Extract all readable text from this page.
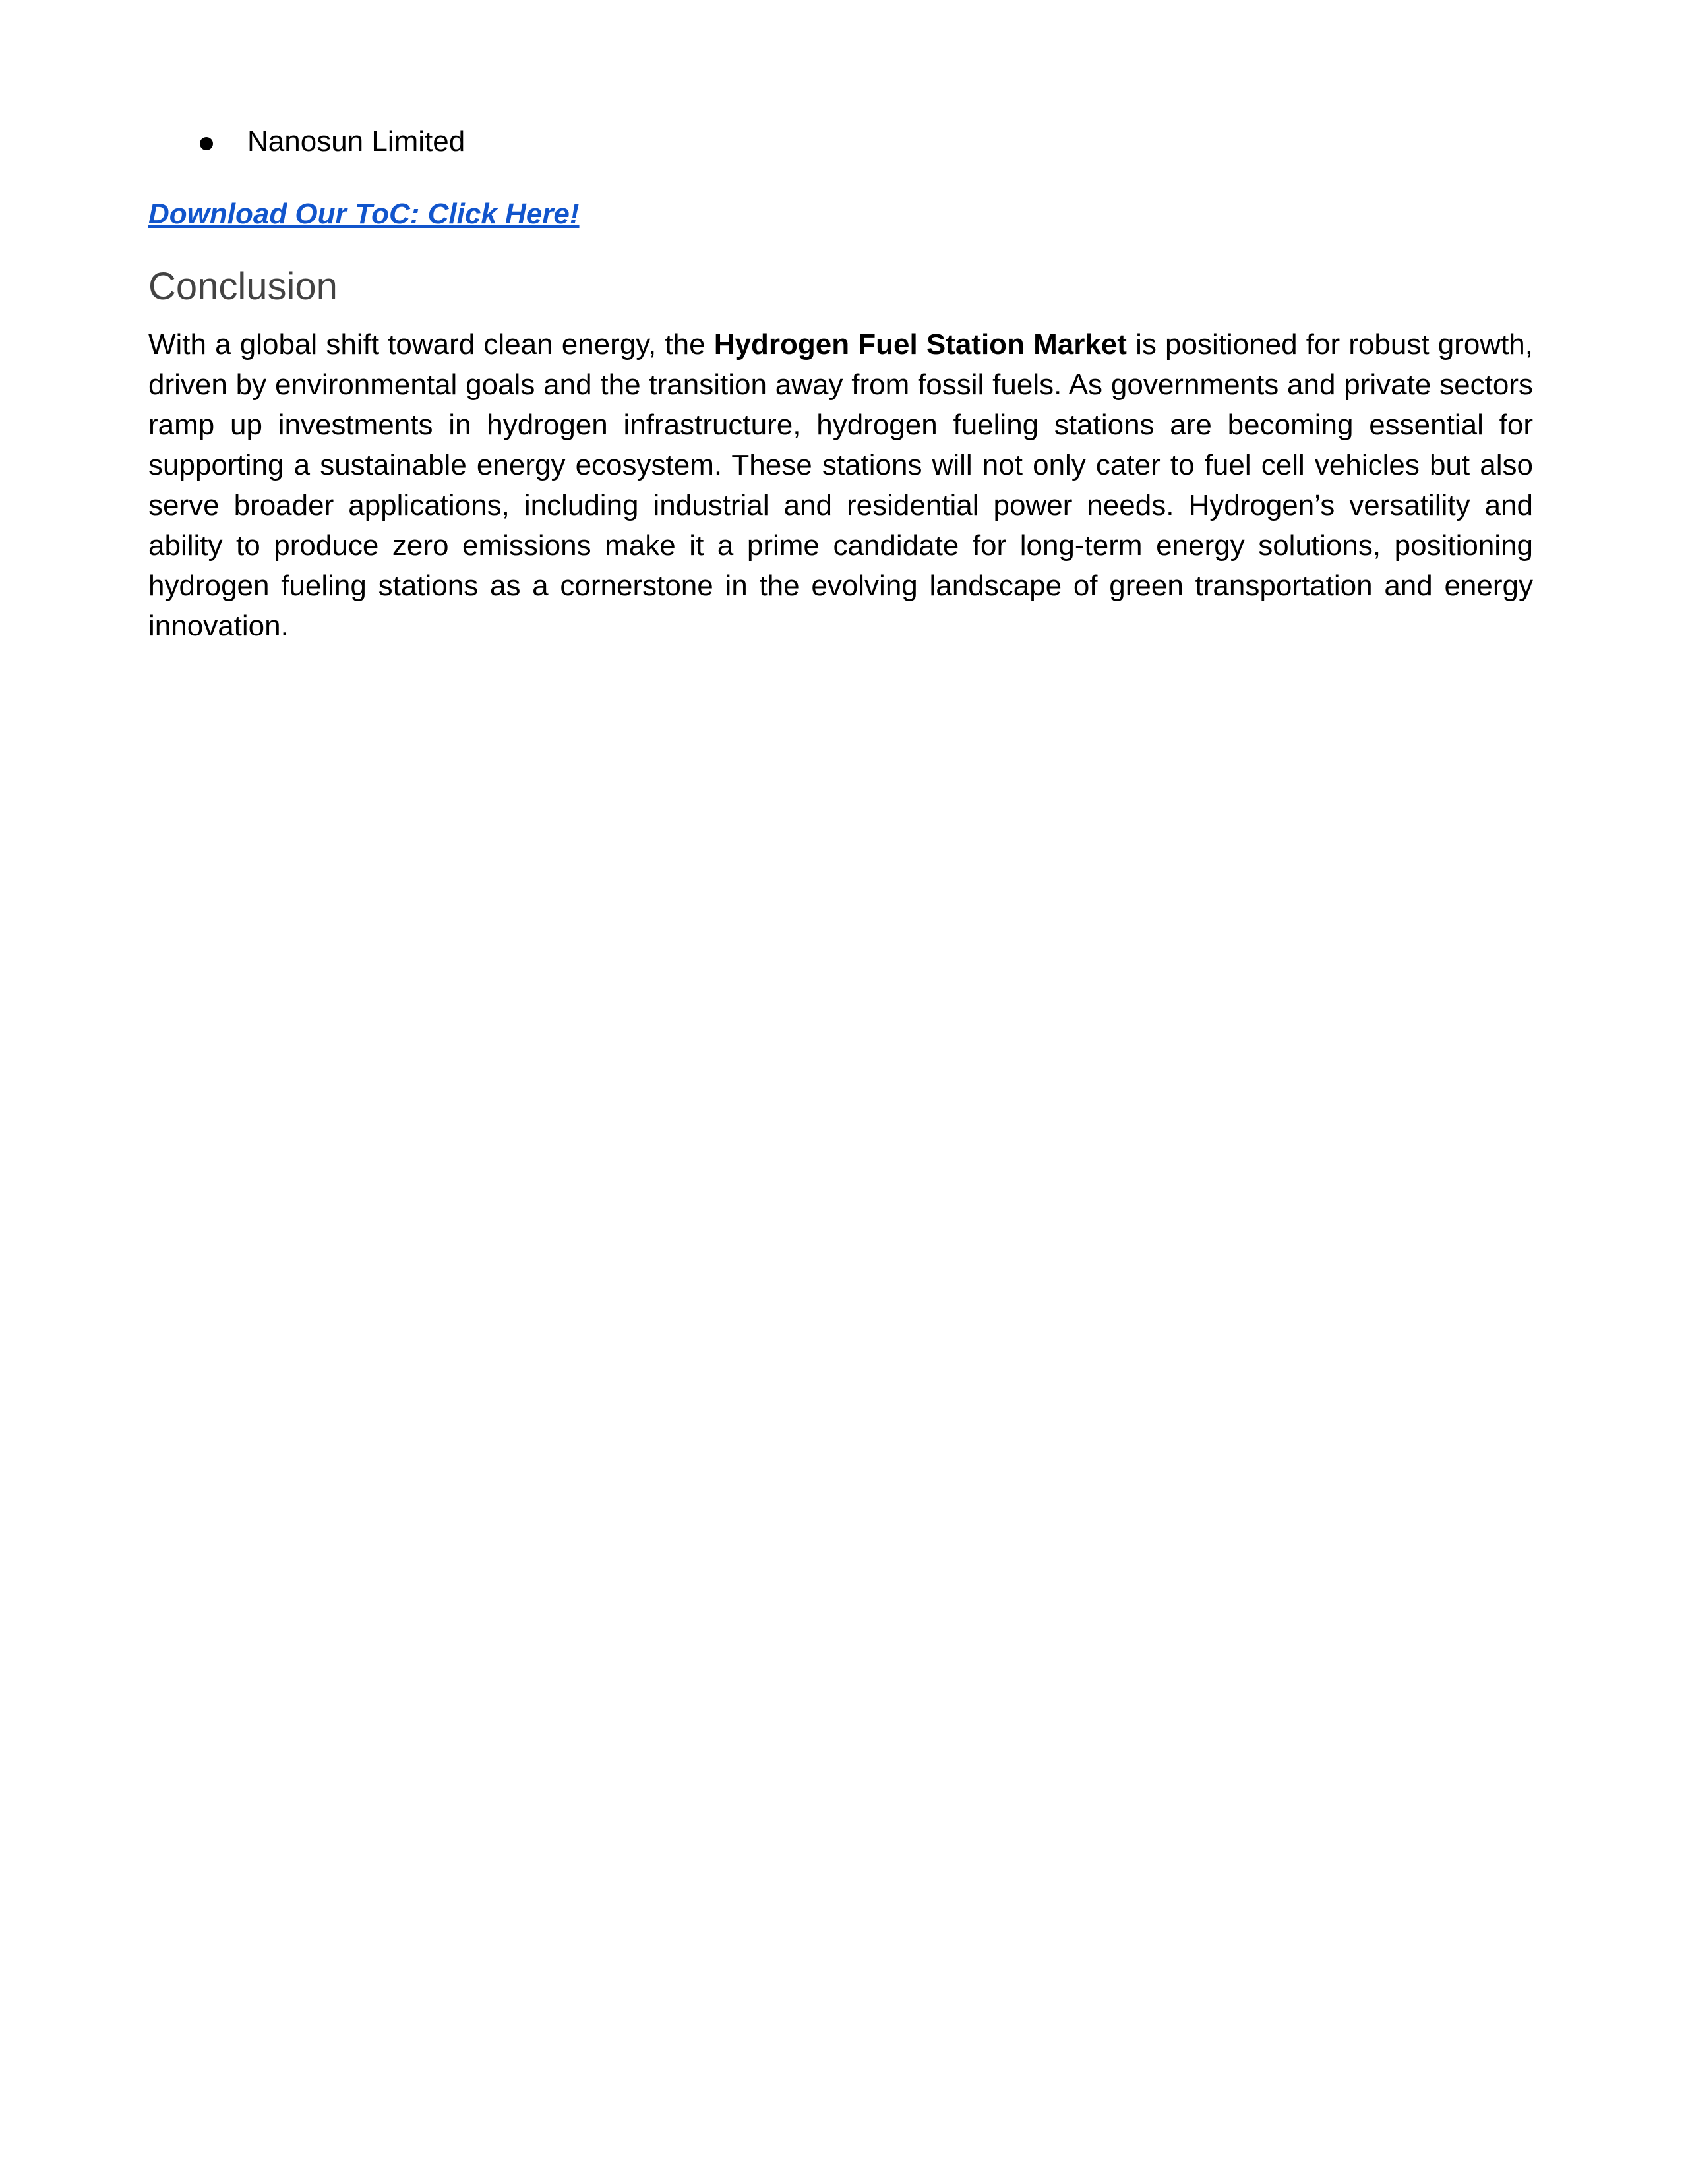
Nanosun Limited
Download Our ToC: Click Here!
Conclusion

With a global shift toward clean energy, the Hydrogen Fuel Station Market is positioned for robust growth, driven by environmental goals and the transition away from fossil fuels. As governments and private sectors ramp up investments in hydrogen infrastructure, hydrogen fueling stations are becoming essential for supporting a sustainable energy ecosystem. These stations will not only cater to fuel cell vehicles but also serve broader applications, including industrial and residential power needs. Hydrogen’s versatility and ability to produce zero emissions make it a prime candidate for long-term energy solutions, positioning hydrogen fueling stations as a cornerstone in the evolving landscape of green transportation and energy innovation.
